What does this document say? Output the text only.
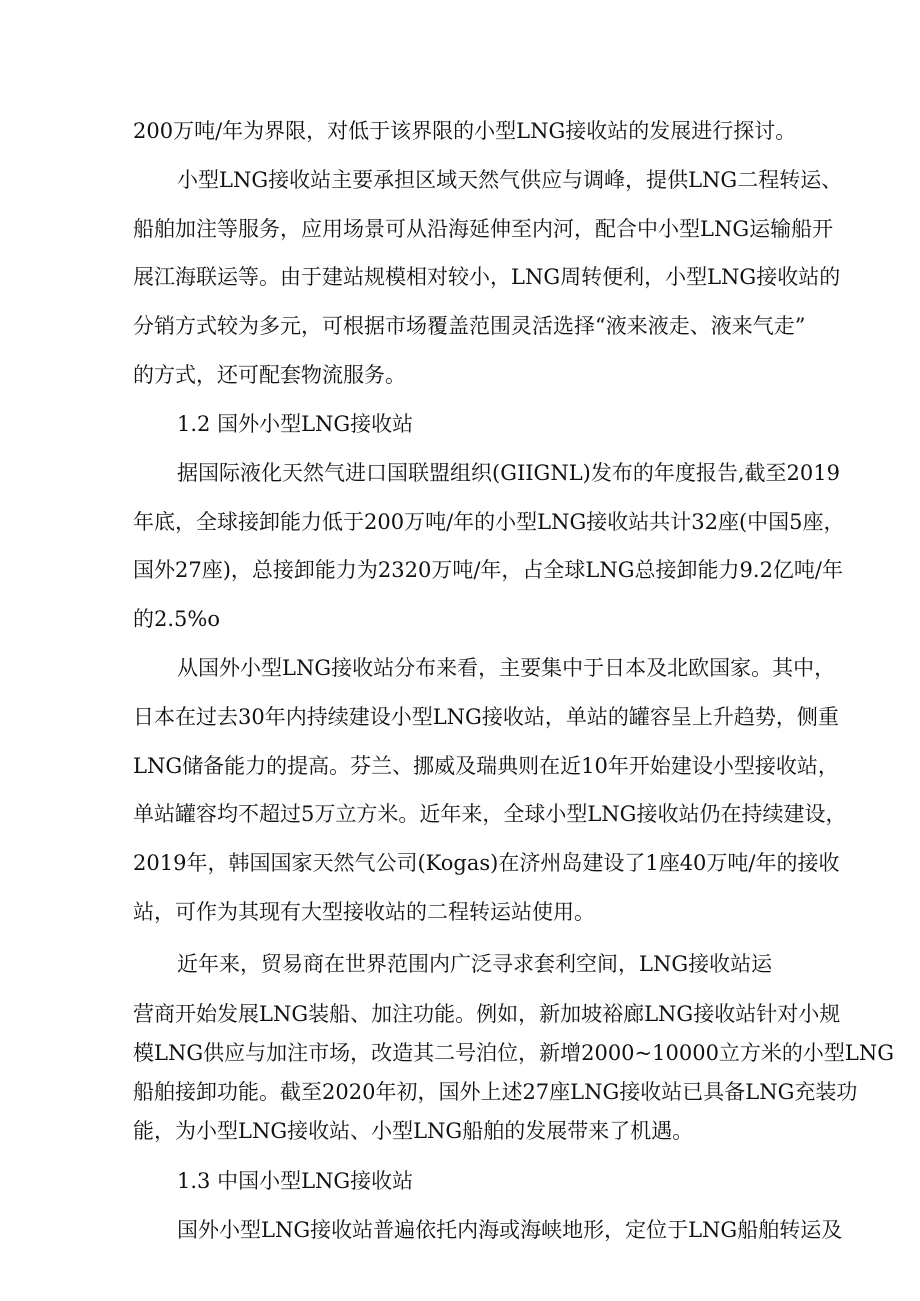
200万吨/年为界限，对低于该界限的小型LNG接收站的发展进行探讨。

小型LNG接收站主要承担区域天然气供应与调峰，提供LNG二程转运、

船舶加注等服务，应用场景可从沿海延伸至内河，配合中小型LNG运输船开

展江海联运等。由于建站规模相对较小，LNG周转便利，小型LNG接收站的

分销方式较为多元，可根据市场覆盖范围灵活选择“液来液走、液来气走”

的方式，还可配套物流服务。

1.2 国外小型LNG接收站

据国际液化天然气进口国联盟组织(GIIGNL)发布的年度报告,截至2019

年底，全球接卸能力低于200万吨/年的小型LNG接收站共计32座(中国5座，

国外27座)，总接卸能力为2320万吨/年，占全球LNG总接卸能力9.2亿吨/年

的2.5%o

从国外小型LNG接收站分布来看，主要集中于日本及北欧国家。其中，

日本在过去30年内持续建设小型LNG接收站，单站的罐容呈上升趋势，侧重

LNG储备能力的提高。芬兰、挪威及瑞典则在近10年开始建设小型接收站，

单站罐容均不超过5万立方米。近年来，全球小型LNG接收站仍在持续建设，

2019年，韩国国家天然气公司(Kogas)在济州岛建设了1座40万吨/年的接收

站，可作为其现有大型接收站的二程转运站使用。

近年来，贸易商在世界范围内广泛寻求套利空间，LNG接收站运

营商开始发展LNG装船、加注功能。例如，新加坡裕廊LNG接收站针对小规

模LNG供应与加注市场，改造其二号泊位，新增2000~10000立方米的小型LNG

船舶接卸功能。截至2020年初，国外上述27座LNG接收站已具备LNG充装功

能，为小型LNG接收站、小型LNG船舶的发展带来了机遇。

1.3 中国小型LNG接收站

国外小型LNG接收站普遍依托内海或海峡地形，定位于LNG船舶转运及
